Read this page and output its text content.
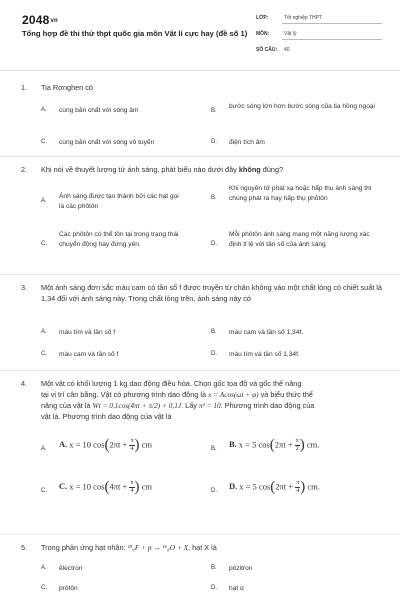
2048vn
Tổng hợp đề thi thử thpt quốc gia môn Vật lí cực hay (đề số 1)
LỚP:	Tốt nghiệp THPT
MÔN:	Vật lý
SỐ CÂU: 40
1. Tia Rơnghen có
A. cùng bản chất với sóng âm	B.
bước sóng lớn hơn bước sóng của tia hồng ngoại
C. cùng bản chất với sóng vô tuyến	D. điện tích âm
2. Khi nói về thuyết lượng tử ánh sáng, phát biểu nào dưới đây không đúng?
A.
Ánh sáng được tạo thành bởi các hạt gọi là các phôtôn
B.
Khi nguyên tử phát xạ hoặc hấp thụ ánh sáng thì chúng phát ra hay hấp thụ phôtôn
C.
Các phôtôn có thể tồn tại trong trạng thái chuyển động hay đứng yên.	D.
Mỗi phôtôn ánh sáng mang một năng lượng xác định tỉ lệ với tần số của ánh sáng
3. Một ánh sáng đơn sắc màu cam có tần số f được truyền từ chân không vào một chất lỏng có chiết suất là 1,34 đối với ánh sáng này. Trong chất lỏng trên, ánh sáng này có
A. màu tím và tần số f	B. màu cam và tần số 1,34f.
C. màu cam và tần số f	D. màu tím và tần số 1,34f.
4. Một vật có khối lượng 1 kg dao động điều hòa. Chọn gốc tọa độ và gốc thế năng
tại vị trí cân bằng. Vật có phương trình dao động là x = Acos(ωt + φ) và biểu thức thế
năng của vật là Wt = 0,1cos(4πt + π/2) + 0,1J. Lấy π² = 10. Phương trình dao động của
vật là. Phương trình dao động của vật là
A. A. x = 10 $\cos(2\pi t + \frac{\pi}{4}$ ) cm	B. B. x = 5 $\cos(2\pi t + \frac{\pi}{2}$ ) cm.
C. C. x = 10 $\cos(4\pi t + \frac{\pi}{4}$ ) cm	D. D. x = 5 $\cos(2\pi t + \frac{\pi}{4}$ ) cm.
5. Trong phản ứng hạt nhân: ¹⁹₉F + p → ¹⁶₈O + X, hạt X là
A. êlectron	B. pôzitron
C. prôtôn	D. hạt α
